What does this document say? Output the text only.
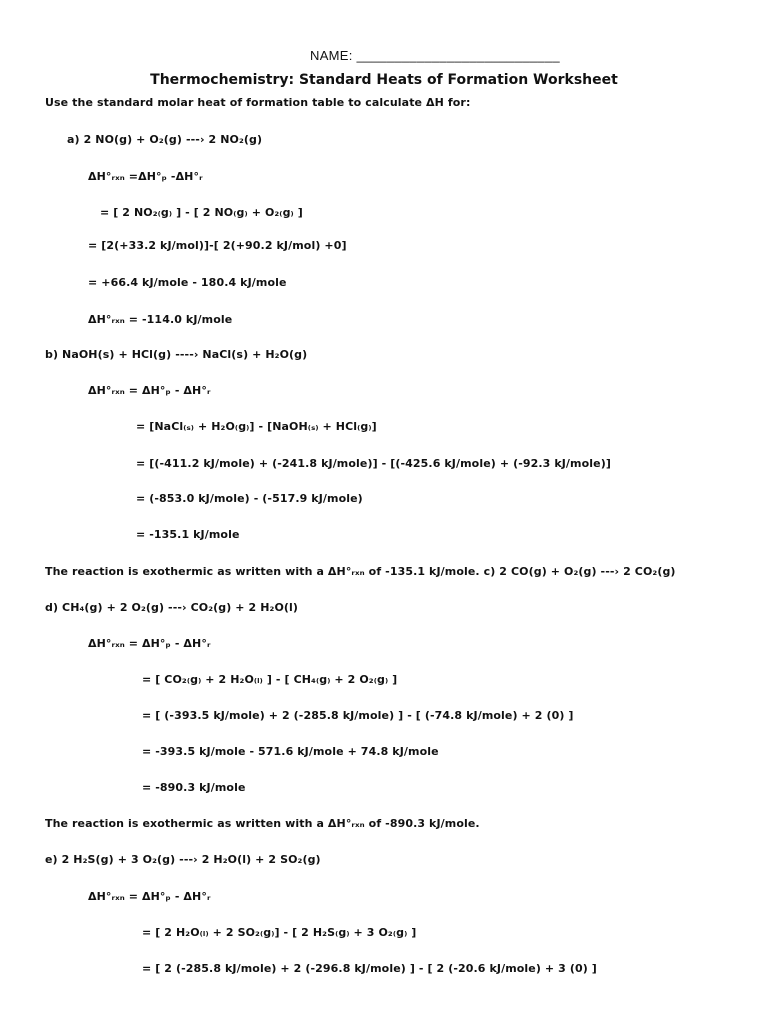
NAME: ___________________________
Thermochemistry: Standard Heats of Formation Worksheet
Use the standard molar heat of formation table to calculate ΔH for:
a) 2 NO(g) + O₂(g) ---› 2 NO₂(g)
ΔH°ᵣₓₙ =ΔH°ₚ -ΔH°ᵣ
= [ 2 NO₂₍g₎ ] - [ 2 NO₍g₎ + O₂₍g₎ ]
= [2(+33.2 kJ/mol)]-[ 2(+90.2 kJ/mol) +0]
= +66.4 kJ/mole - 180.4 kJ/mole
ΔH°ᵣₓₙ = -114.0 kJ/mole
b) NaOH(s) + HCl(g) ----› NaCl(s) + H₂O(g)
ΔH°ᵣₓₙ = ΔH°ₚ - ΔH°ᵣ
= [NaCl₍ₛ₎ + H₂O₍g₎] - [NaOH₍ₛ₎ + HCl₍g₎]
= [(-411.2 kJ/mole) + (-241.8 kJ/mole)] - [(-425.6 kJ/mole) + (-92.3 kJ/mole)]
= (-853.0 kJ/mole) - (-517.9 kJ/mole)
= -135.1 kJ/mole
The reaction is exothermic as written with a ΔH°ᵣₓₙ of -135.1 kJ/mole. c) 2 CO(g) + O₂(g) ---› 2 CO₂(g)
d) CH₄(g) + 2 O₂(g) ---› CO₂(g) + 2 H₂O(l)
ΔH°ᵣₓₙ = ΔH°ₚ - ΔH°ᵣ
= [ CO₂₍g₎ + 2 H₂O₍ₗ₎ ] - [ CH₄₍g₎ + 2 O₂₍g₎ ]
= [ (-393.5 kJ/mole) + 2 (-285.8 kJ/mole) ] - [ (-74.8 kJ/mole) + 2 (0) ]
= -393.5 kJ/mole - 571.6 kJ/mole + 74.8 kJ/mole
= -890.3 kJ/mole
The reaction is exothermic as written with a ΔH°ᵣₓₙ of -890.3 kJ/mole.
e) 2 H₂S(g) + 3 O₂(g) ---› 2 H₂O(l) + 2 SO₂(g)
ΔH°ᵣₓₙ = ΔH°ₚ - ΔH°ᵣ
= [ 2 H₂O₍ₗ₎ + 2 SO₂₍g₎] - [ 2 H₂S₍g₎ + 3 O₂₍g₎ ]
= [ 2 (-285.8 kJ/mole) + 2 (-296.8 kJ/mole) ] - [ 2 (-20.6 kJ/mole) + 3 (0) ]
